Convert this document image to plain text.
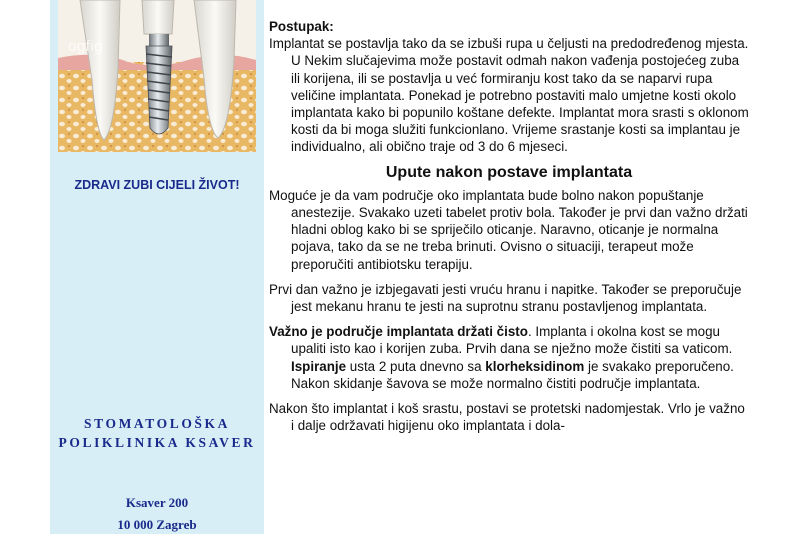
ogfig
ZDRAVI ZUBI CIJELI ŽIVOT!
STOMATOLOŠKA
POLIKLINIKA KSAVER
Ksaver 200
10 000 Zagreb
Postupak:

Implantat se postavlja tako da se izbuši rupa u čeljusti na predodređenog mjesta. U Nekim slučajevima može postavit odmah nakon vađenja postojećeg zuba ili korijena, ili se postavlja u već formiranju kost tako da se naparvi rupa veličine implantata. Ponekad je potrebno postaviti malo umjetne kosti okolo implantata kako bi popunilo koštane defekte. Implantat mora srasti s oklonom kosti da bi moga služiti funkcionlano. Vrijeme srastanje kosti sa implantau je individualno, ali obično traje od 3 do 6 mjeseci.

Upute nakon postave implantata

Moguće je da vam područje oko implantata bude bolno nakon popuštanje anestezije. Svakako uzeti tabelet protiv bola. Također je prvi dan važno držati hladni oblog kako bi se spriječilo oticanje. Naravno, oticanje je normalna pojava, tako da se ne treba brinuti. Ovisno o situaciji, terapeut može preporučiti antibiotsku terapiju.

Prvi dan važno je izbjegavati jesti vruću hranu i napitke. Također se preporučuje jest mekanu hranu te jesti na suprotnu stranu postavljenog implantata.

Važno je područje implantata držati čisto. Implanta i okolna kost se mogu upaliti isto kao i korijen zuba. Prvih dana se nježno može čistiti sa vaticom. Ispiranje usta 2 puta dnevno sa klorheksidinom je svakako preporučeno. Nakon skidanje šavova se može normalno čistiti područje implantata.

Nakon što implantat i koš srastu, postavi se protetski nadomjestak. Vrlo je važno i dalje održavati higijenu oko implantata i dola-
